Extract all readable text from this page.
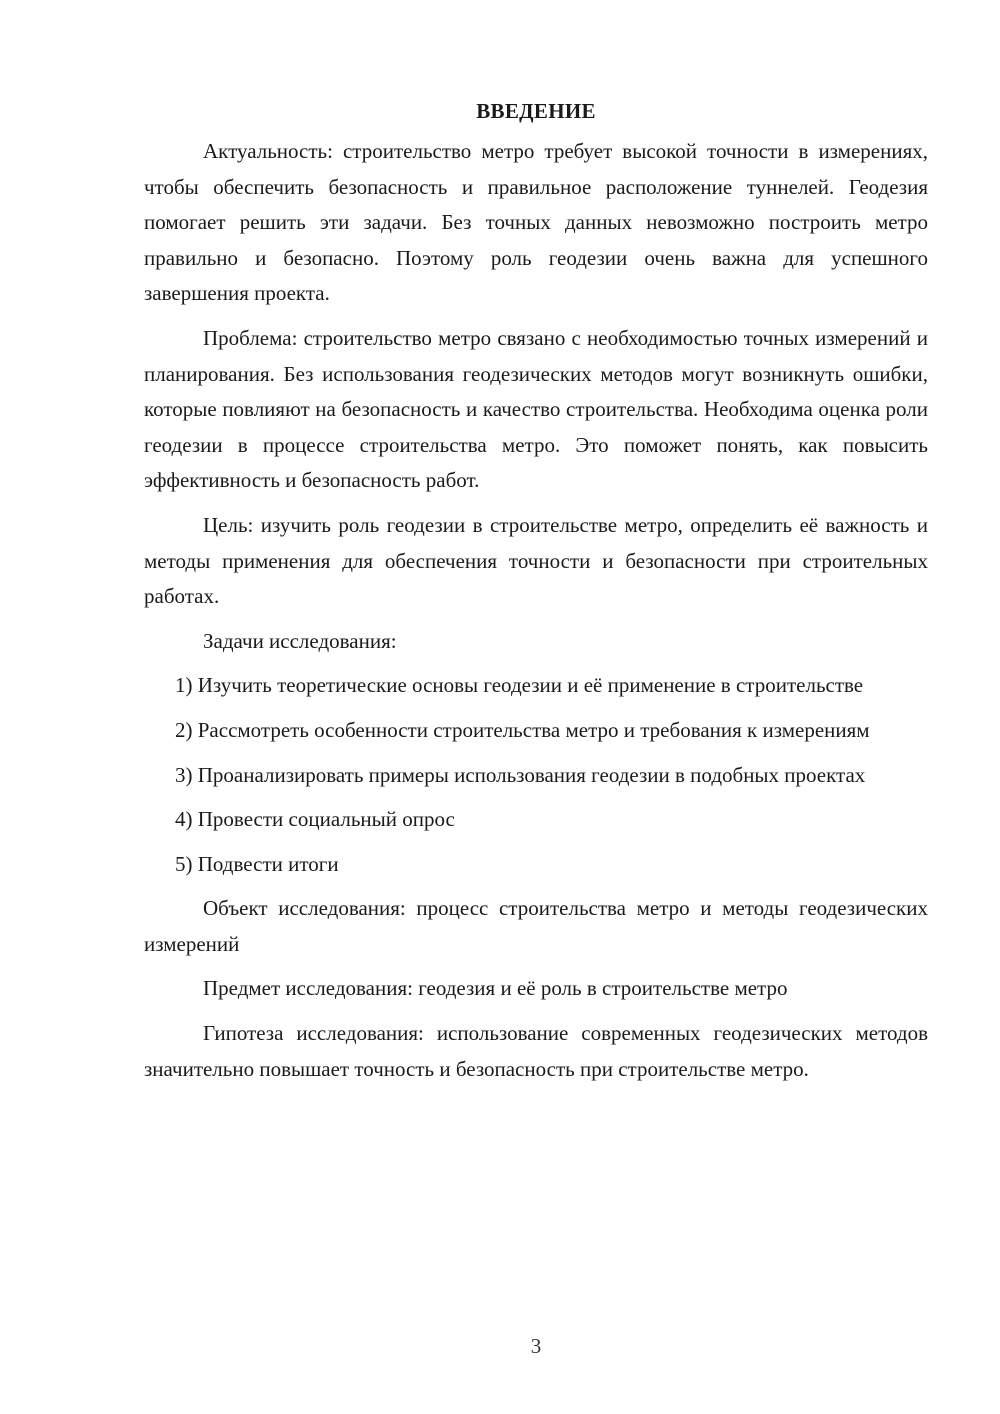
ВВЕДЕНИЕ

Актуальность: строительство метро требует высокой точности в измерениях, чтобы обеспечить безопасность и правильное расположение туннелей. Геодезия помогает решить эти задачи. Без точных данных невозможно построить метро правильно и безопасно. Поэтому роль геодезии очень важна для успешного завершения проекта.

Проблема: строительство метро связано с необходимостью точных измерений и планирования. Без использования геодезических методов могут возникнуть ошибки, которые повлияют на безопасность и качество строительства. Необходима оценка роли геодезии в процессе строительства метро. Это поможет понять, как повысить эффективность и безопасность работ.

Цель: изучить роль геодезии в строительстве метро, определить её важность и методы применения для обеспечения точности и безопасности при строительных работах.

Задачи исследования:

1) Изучить теоретические основы геодезии и её применение в строительстве

2) Рассмотреть особенности строительства метро и требования к измерениям

3) Проанализировать примеры использования геодезии в подобных проектах

4) Провести социальный опрос

5) Подвести итоги

Объект исследования: процесс строительства метро и методы геодезических измерений

Предмет исследования: геодезия и её роль в строительстве метро

Гипотеза исследования: использование современных геодезических методов значительно повышает точность и безопасность при строительстве метро.

3
